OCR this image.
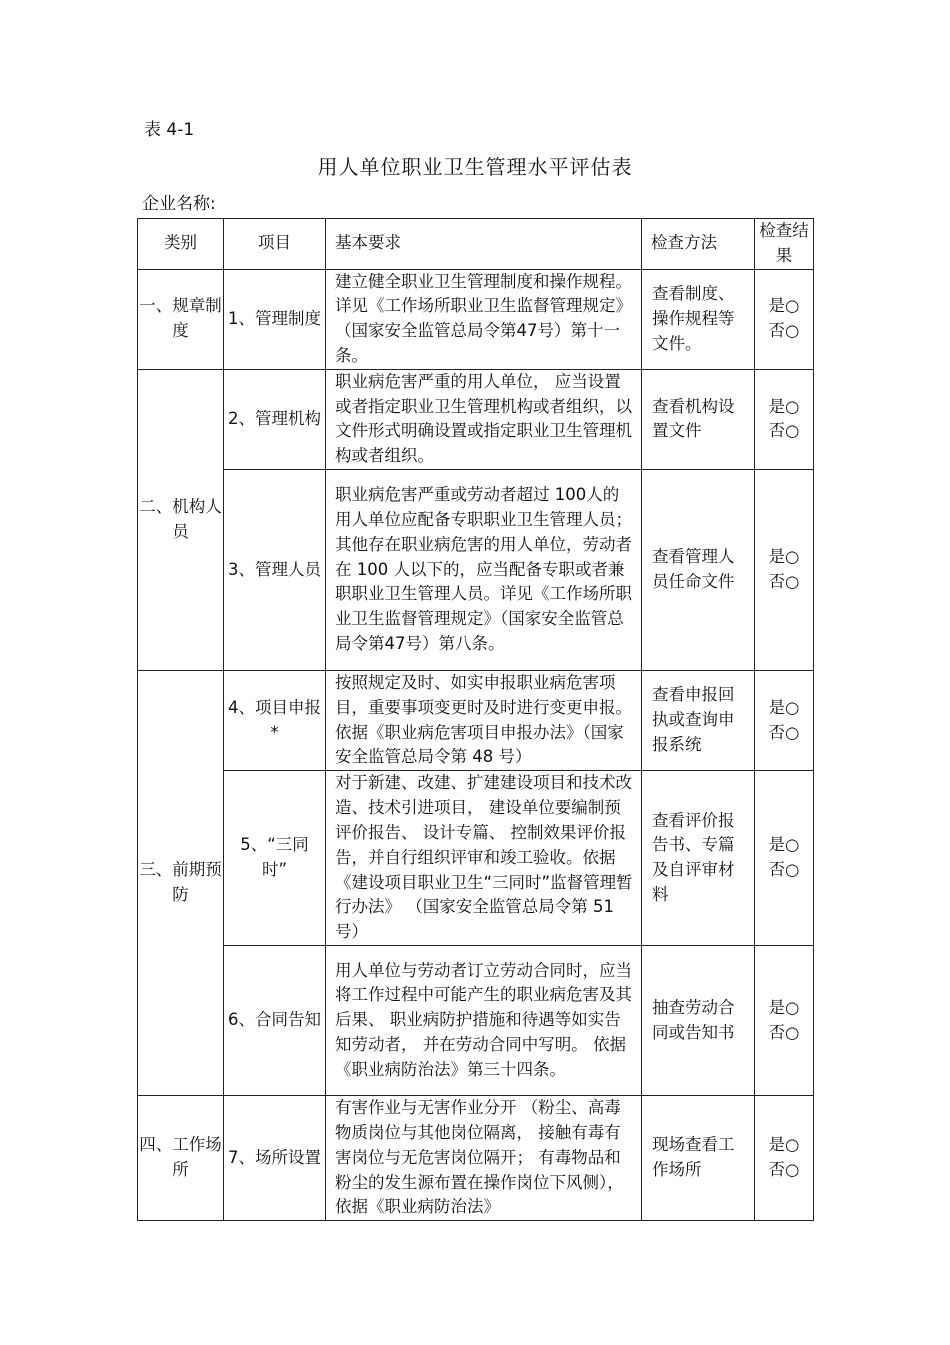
表 4-1
用人单位职业卫生管理水平评估表
企业名称:
类别	项目	基本要求	检查方法	检查结果
一、规章制度	1、管理制度	建立健全职业卫生管理制度和操作规程。详见《工作场所职业卫生监督管理规定》（国家安全监管总局令第47号）第十一条。	查看制度、操作规程等文件。	是○
否○

二、机构人员	2、管理机构	职业病危害严重的用人单位， 应当设置或者指定职业卫生管理机构或者组织，以文件形式明确设置或指定职业卫生管理机构或者组织。	查看机构设置文件	是○
否○

	3、管理人员	职业病危害严重或劳动者超过 100人的用人单位应配备专职职业卫生管理人员；其他存在职业病危害的用人单位，劳动者在 100 人以下的，应当配备专职或者兼职职业卫生管理人员。详见《工作场所职业卫生监督管理规定》（国家安全监管总局令第47号）第八条。	查看管理人员任命文件	是○
否○

三、前期预防	4、项目申报*	按照规定及时、如实申报职业病危害项目，重要事项变更时及时进行变更申报。依据《职业病危害项目申报办法》（国家安全监管总局令第 48 号）	查看申报回执或查询申报系统	是○
否○

	5、“三同时”	对于新建、改建、扩建建设项目和技术改造、技术引进项目， 建设单位要编制预评价报告、 设计专篇、 控制效果评价报告，并自行组织评审和竣工验收。依据《建设项目职业卫生“三同时”监督管理暂行办法》 （国家安全监管总局令第 51 号）	查看评价报告书、专篇及自评审材料	是○
否○

	6、合同告知	用人单位与劳动者订立劳动合同时，应当将工作过程中可能产生的职业病危害及其后果、 职业病防护措施和待遇等如实告知劳动者， 并在劳动合同中写明。 依据《职业病防治法》第三十四条。	抽查劳动合同或告知书	是○
否○

四、工作场所	7、场所设置	有害作业与无害作业分开 （粉尘、高毒物质岗位与其他岗位隔离， 接触有毒有害岗位与无危害岗位隔开； 有毒物品和粉尘的发生源布置在操作岗位下风侧），依据《职业病防治法》	现场查看工作场所	是○
否○
